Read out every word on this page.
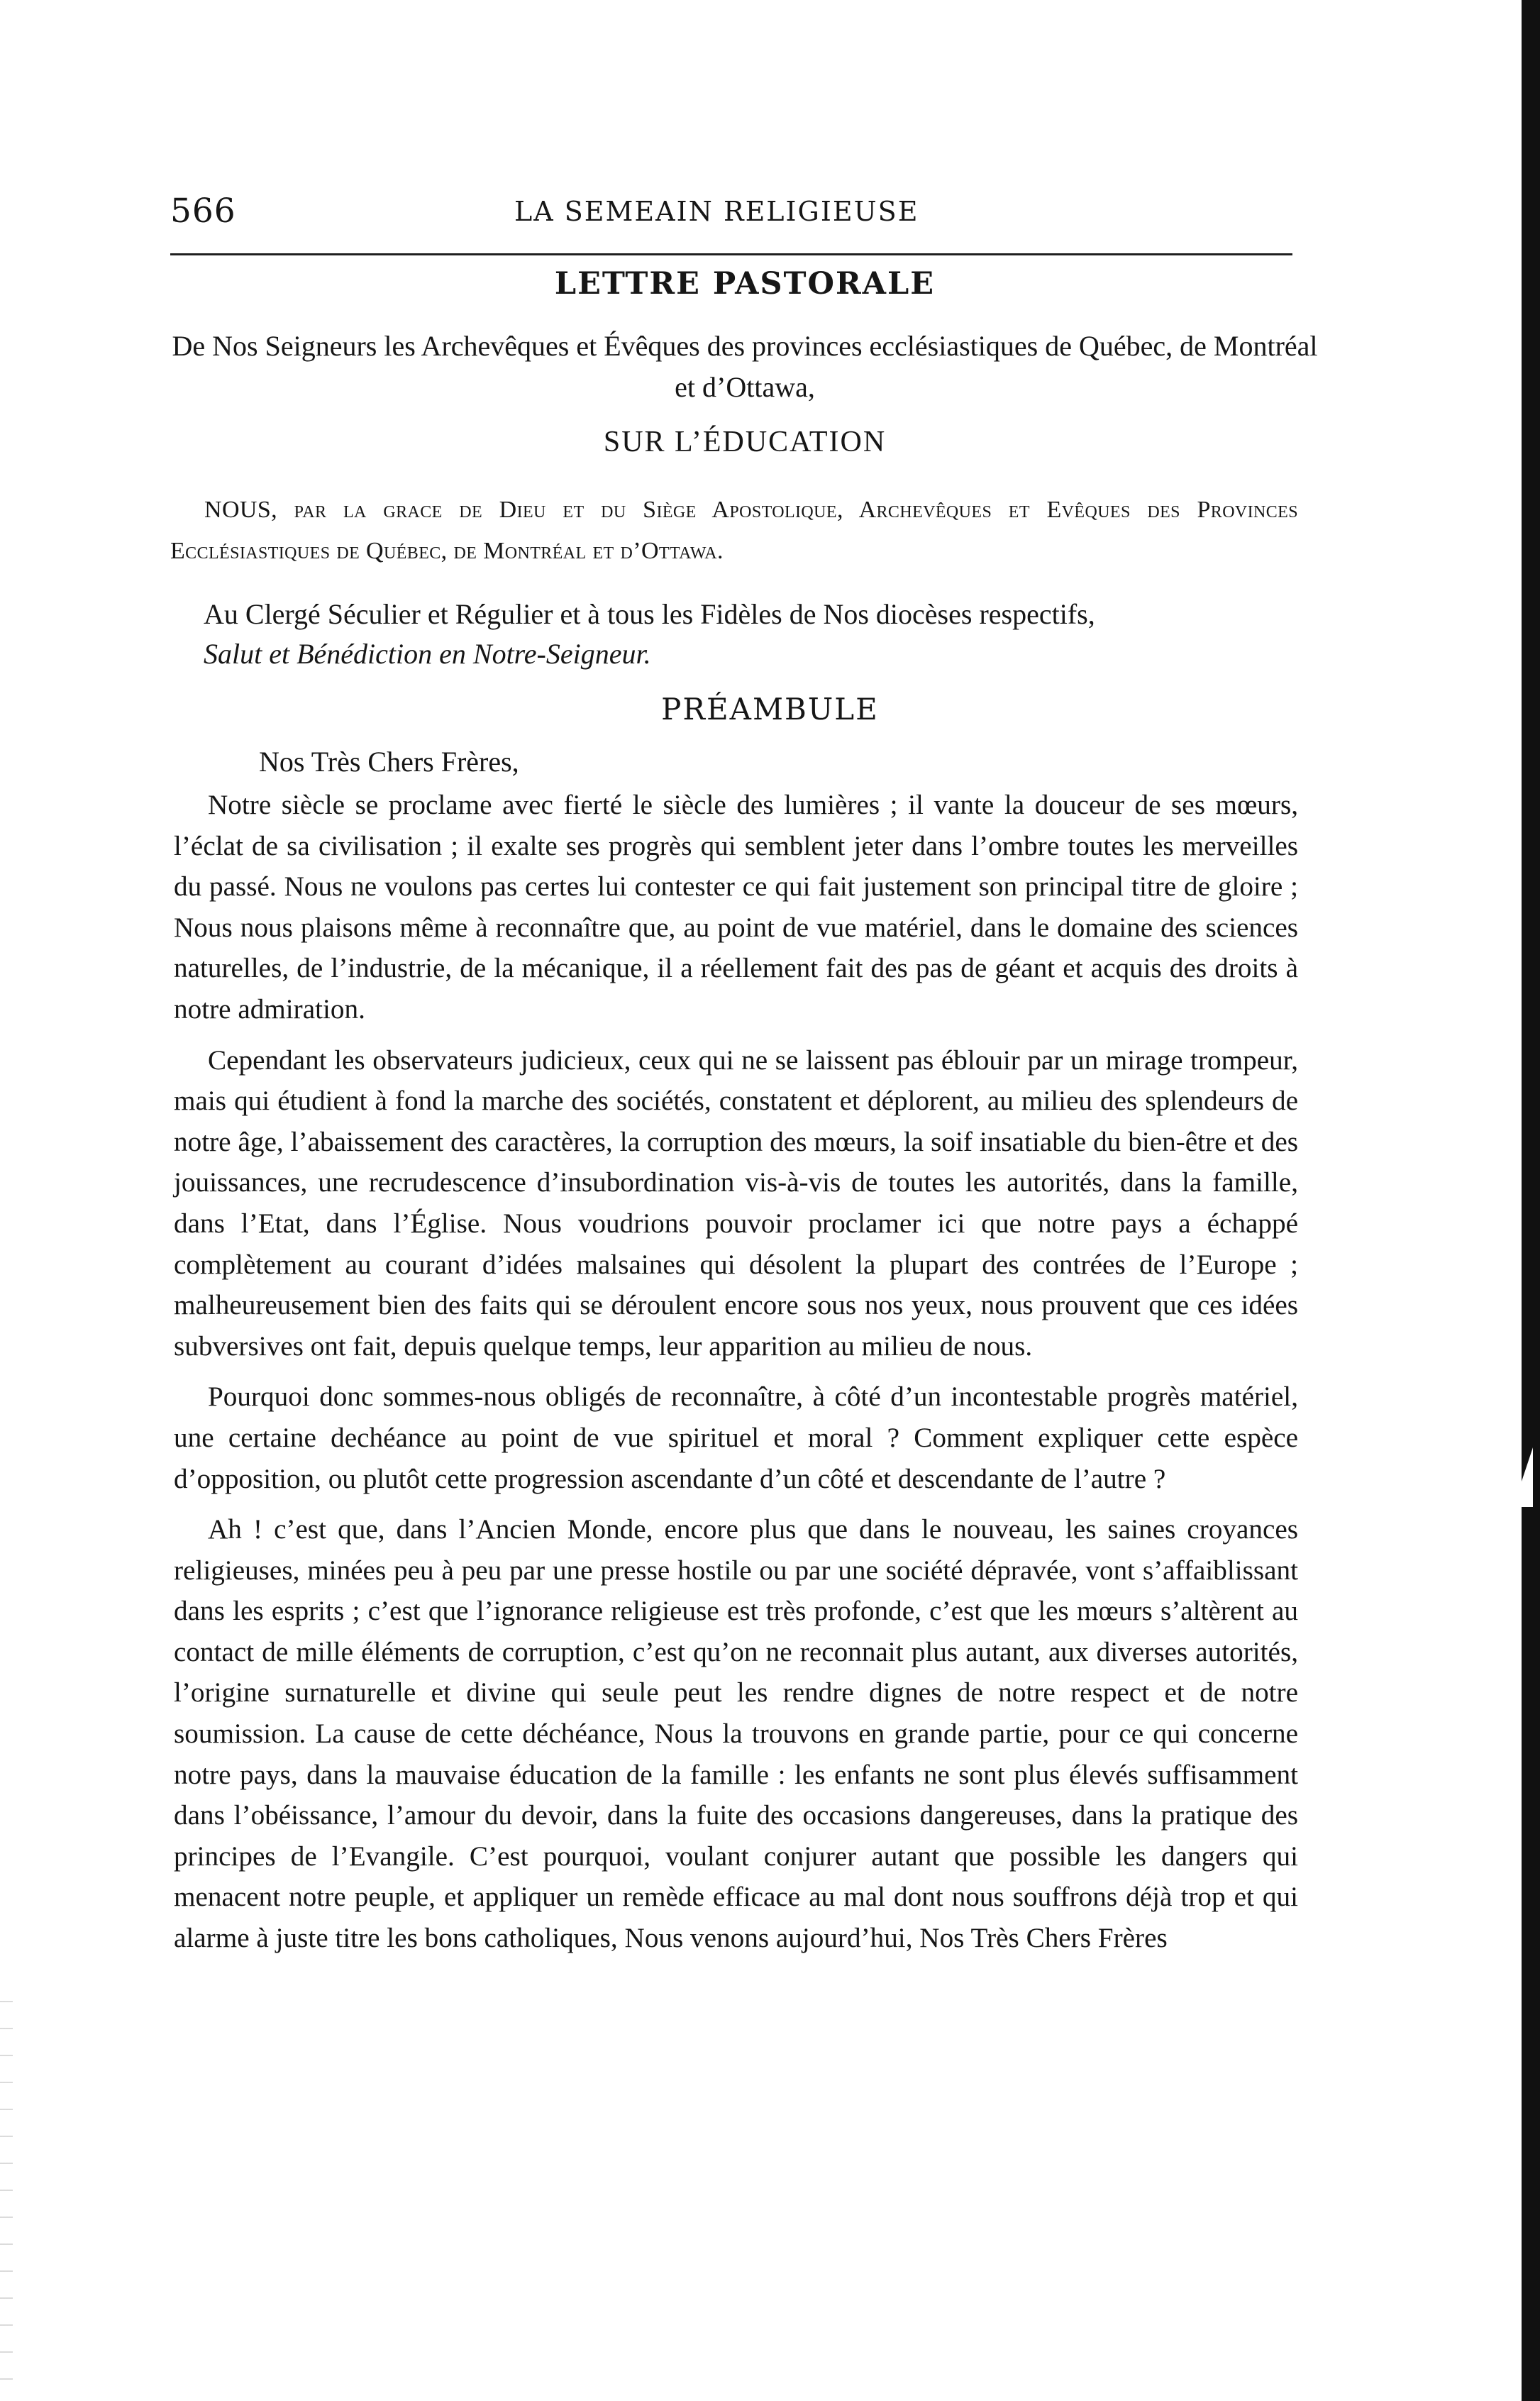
566	LA SEMEAIN RELIGIEUSE
LETTRE PASTORALE
De Nos Seigneurs les Archevêques et Évêques des provinces ecclésiastiques de Québec, de Montréal et d’Ottawa,
SUR L’ÉDUCATION
NOUS, par la grace de Dieu et du Siège Apostolique, Archevêques et Evêques des Provinces Ecclésiastiques de Québec, de Montréal et d’Ottawa.
Au Clergé Séculier et Régulier et à tous les Fidèles de Nos diocèses respectifs,
Salut et Bénédiction en Notre-Seigneur.
PRÉAMBULE
Nos Très Chers Frères,

Notre siècle se proclame avec fierté le siècle des lumières ; il vante la douceur de ses mœurs, l’éclat de sa civilisation ; il exalte ses progrès qui semblent jeter dans l’ombre toutes les merveilles du passé. Nous ne voulons pas certes lui contester ce qui fait justement son principal titre de gloire ; Nous nous plaisons même à reconnaître que, au point de vue matériel, dans le domaine des sciences naturelles, de l’industrie, de la mécanique, il a réellement fait des pas de géant et acquis des droits à notre admiration.

Cependant les observateurs judicieux, ceux qui ne se laissent pas éblouir par un mirage trompeur, mais qui étudient à fond la marche des sociétés, constatent et déplorent, au milieu des splendeurs de notre âge, l’abaissement des caractères, la corruption des mœurs, la soif insatiable du bien-être et des jouissances, une recrudescence d’insubordination vis-à-vis de toutes les autorités, dans la famille, dans l’Etat, dans l’Église. Nous voudrions pouvoir proclamer ici que notre pays a échappé complètement au courant d’idées malsaines qui désolent la plupart des contrées de l’Europe ; malheureusement bien des faits qui se déroulent encore sous nos yeux, nous prouvent que ces idées subversives ont fait, depuis quelque temps, leur apparition au milieu de nous.

Pourquoi donc sommes-nous obligés de reconnaître, à côté d’un incontestable progrès matériel, une certaine dechéance au point de vue spirituel et moral ? Comment expliquer cette espèce d’opposition, ou plutôt cette progression ascendante d’un côté et descendante de l’autre ?

Ah ! c’est que, dans l’Ancien Monde, encore plus que dans le nouveau, les saines croyances religieuses, minées peu à peu par une presse hostile ou par une société dépravée, vont s’affaiblissant dans les esprits ; c’est que l’ignorance religieuse est très profonde, c’est que les mœurs s’altèrent au contact de mille éléments de corruption, c’est qu’on ne reconnait plus autant, aux diverses autorités, l’origine surnaturelle et divine qui seule peut les rendre dignes de notre respect et de notre soumission. La cause de cette déchéance, Nous la trouvons en grande partie, pour ce qui concerne notre pays, dans la mauvaise éducation de la famille : les enfants ne sont plus élevés suffisamment dans l’obéissance, l’amour du devoir, dans la fuite des occasions dangereuses, dans la pratique des principes de l’Evangile. C’est pourquoi, voulant conjurer autant que possible les dangers qui menacent notre peuple, et appliquer un remède efficace au mal dont nous souffrons déjà trop et qui alarme à juste titre les bons catholiques, Nous venons aujourd’hui, Nos Très Chers Frères
